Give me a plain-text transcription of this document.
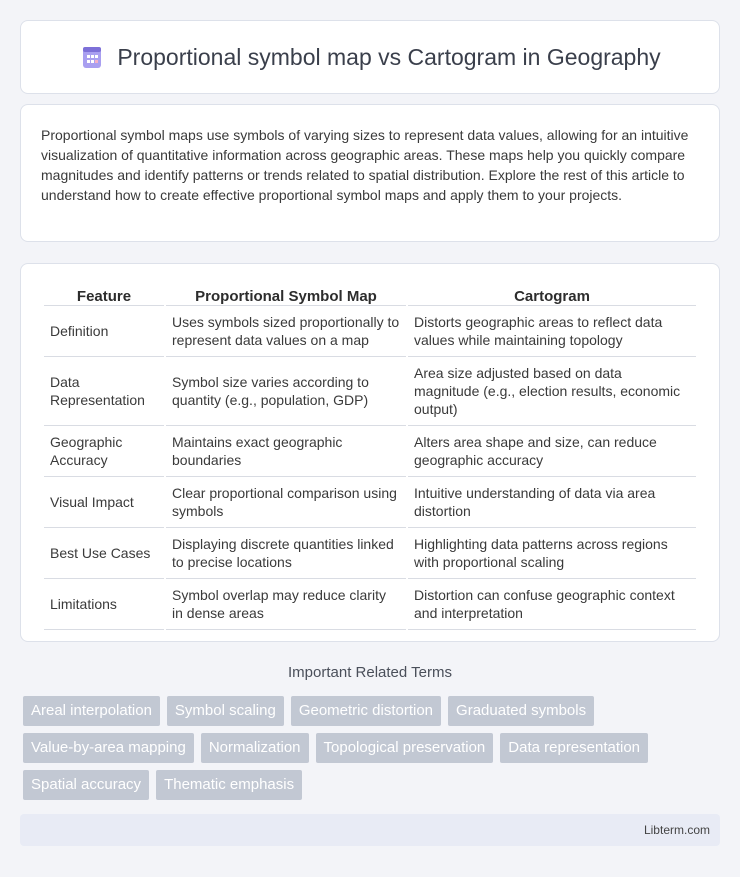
Proportional symbol map vs Cartogram in Geography

Proportional symbol maps use symbols of varying sizes to represent data values, allowing for an intuitive visualization of quantitative information across geographic areas. These maps help you quickly compare magnitudes and identify patterns or trends related to spatial distribution. Explore the rest of this article to understand how to create effective proportional symbol maps and apply them to your projects.

Feature	Proportional Symbol Map	Cartogram
Definition	Uses symbols sized proportionally to represent data values on a map	Distorts geographic areas to reflect data values while maintaining topology
Data Representation	Symbol size varies according to quantity (e.g., population, GDP)	Area size adjusted based on data magnitude (e.g., election results, economic output)
Geographic Accuracy	Maintains exact geographic boundaries	Alters area shape and size, can reduce geographic accuracy
Visual Impact	Clear proportional comparison using symbols	Intuitive understanding of data via area distortion
Best Use Cases	Displaying discrete quantities linked to precise locations	Highlighting data patterns across regions with proportional scaling
Limitations	Symbol overlap may reduce clarity in dense areas	Distortion can confuse geographic context and interpretation
Important Related Terms
Areal interpolation	Symbol scaling	Geometric distortion	Graduated symbols
Value-by-area mapping	Normalization	Topological preservation	Data representation
Spatial accuracy	Thematic emphasis
Libterm.com
